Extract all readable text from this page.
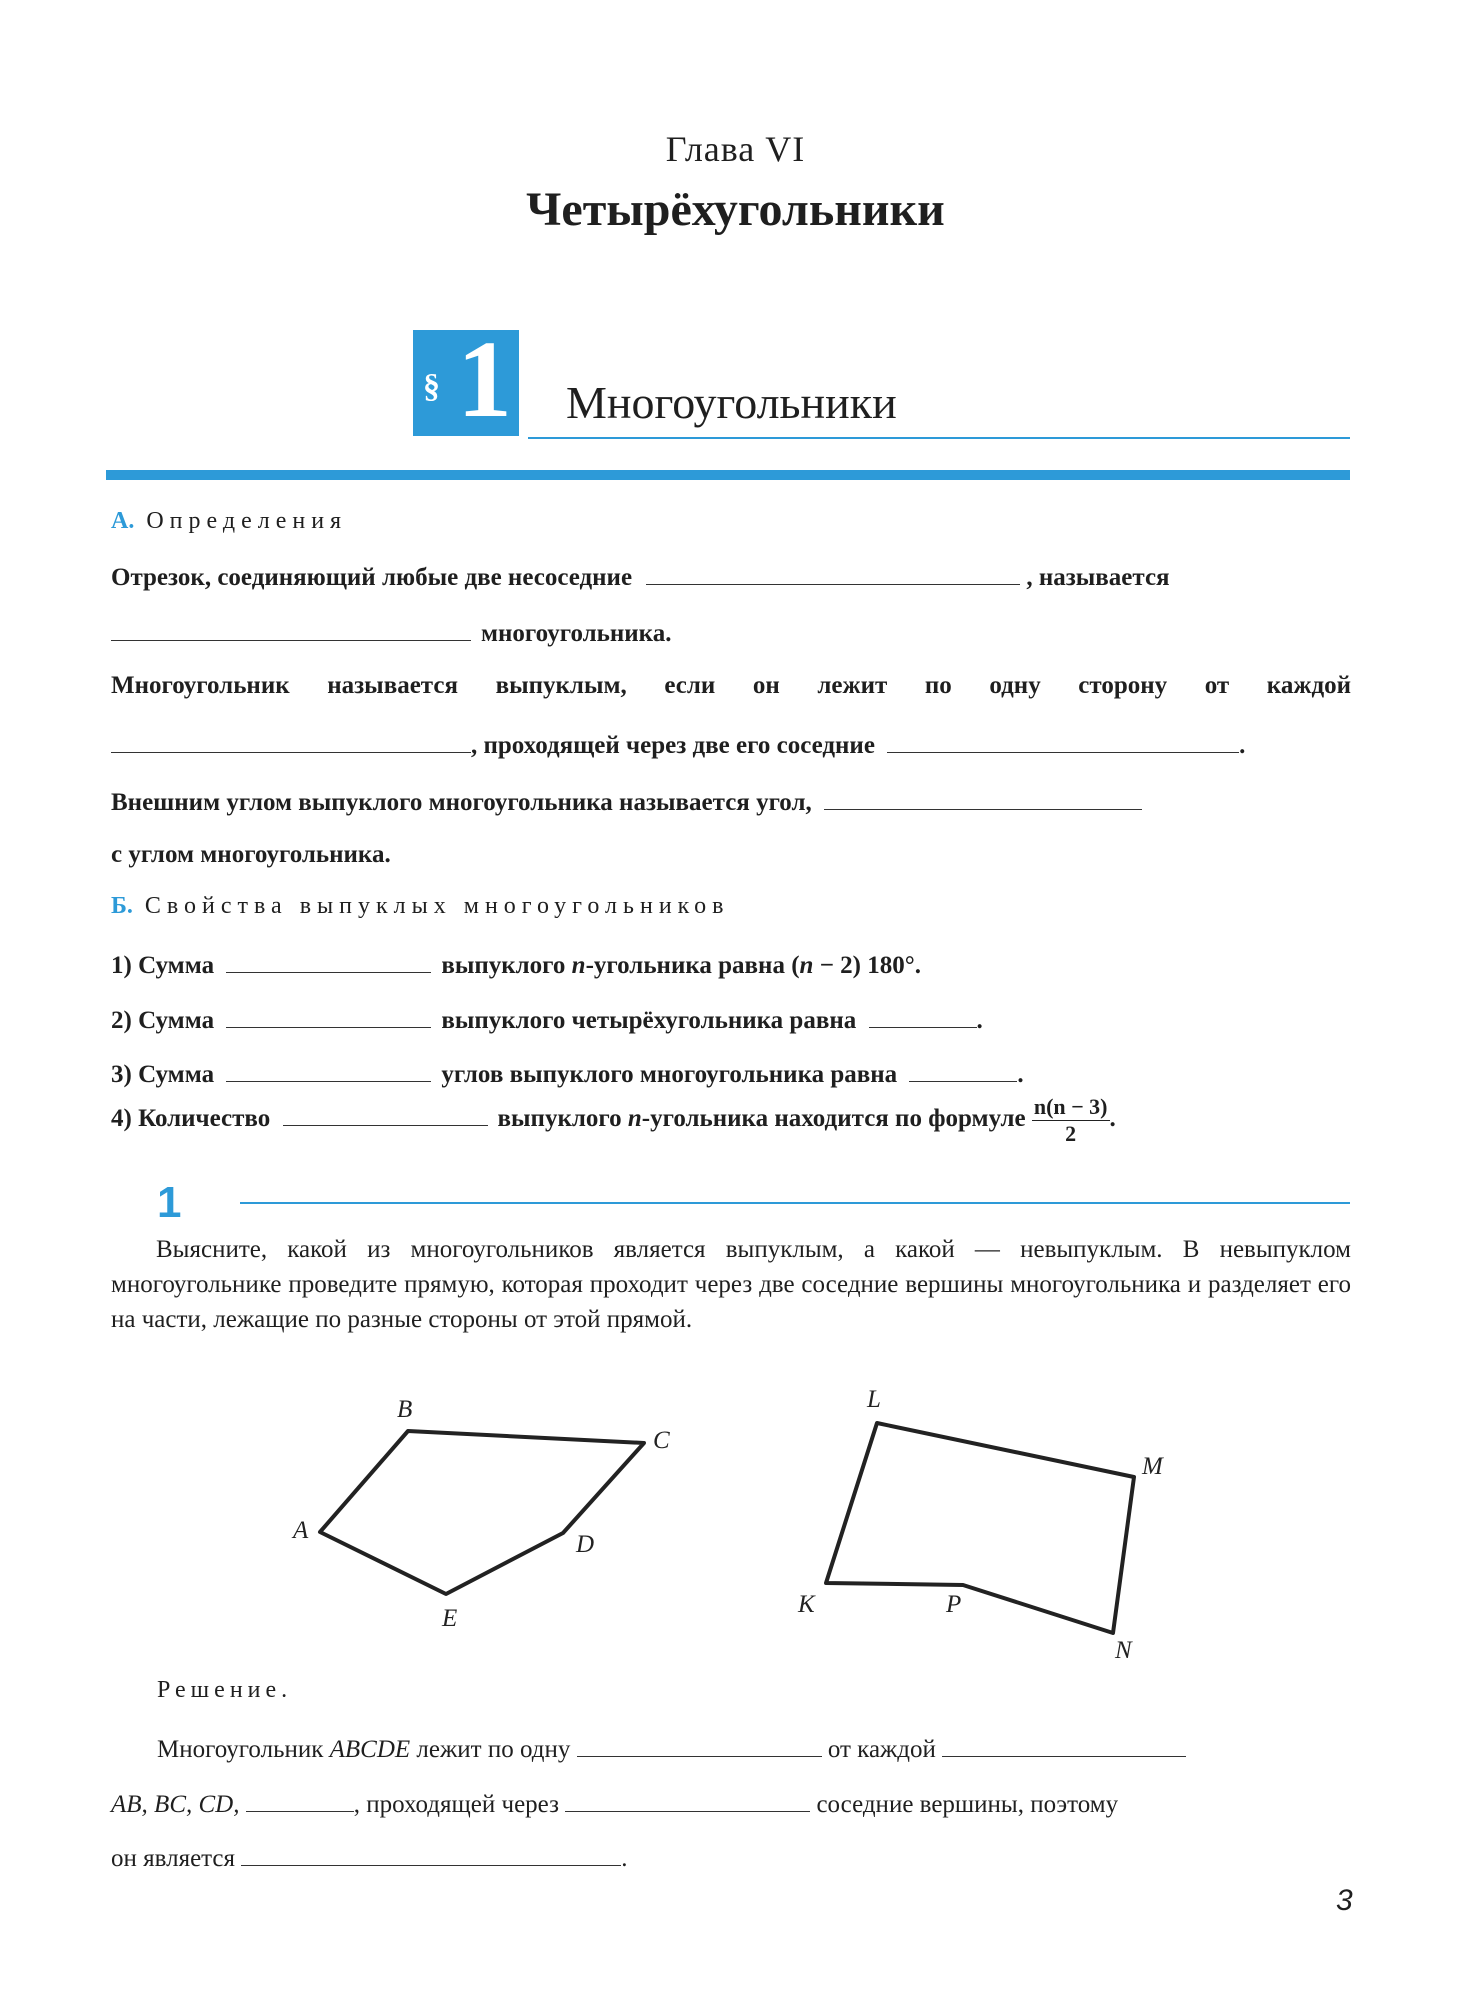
Глава VI
Четырёхугольники
§ 1 Многоугольники
А. Определения
Отрезок, соединяющий любые две несоседние	, называется
многоугольника.
Многоугольник называется выпуклым, если он лежит по одну сторону от каждой
, проходящей через две его соседние	.
Внешним углом выпуклого многоугольника называется угол,
с углом многоугольника.
Б. Свойства выпуклых многоугольников
1) Сумма	выпуклого n-угольника равна (n − 2) 180°.
2) Сумма	выпуклого четырёхугольника равна	.
3) Сумма	углов выпуклого многоугольника равна	.
4) Количество	выпуклого n-угольника находится по формуле $\frac{n(n - 3)}{2}$ .
1
Выясните, какой из многоугольников является выпуклым, а какой — невыпуклым. В невыпуклом многоугольнике проведите прямую, которая проходит через две соседние вершины многоугольника и разделяет его на части, лежащие по разные стороны от этой прямой.
A
B
C
D
E
K
L
M
N
P
Решение.
Многоугольник ABCDE лежит по одну	от каждой
AB, BC, CD,	, проходящей через	соседние вершины, поэтому
он является	.
3
